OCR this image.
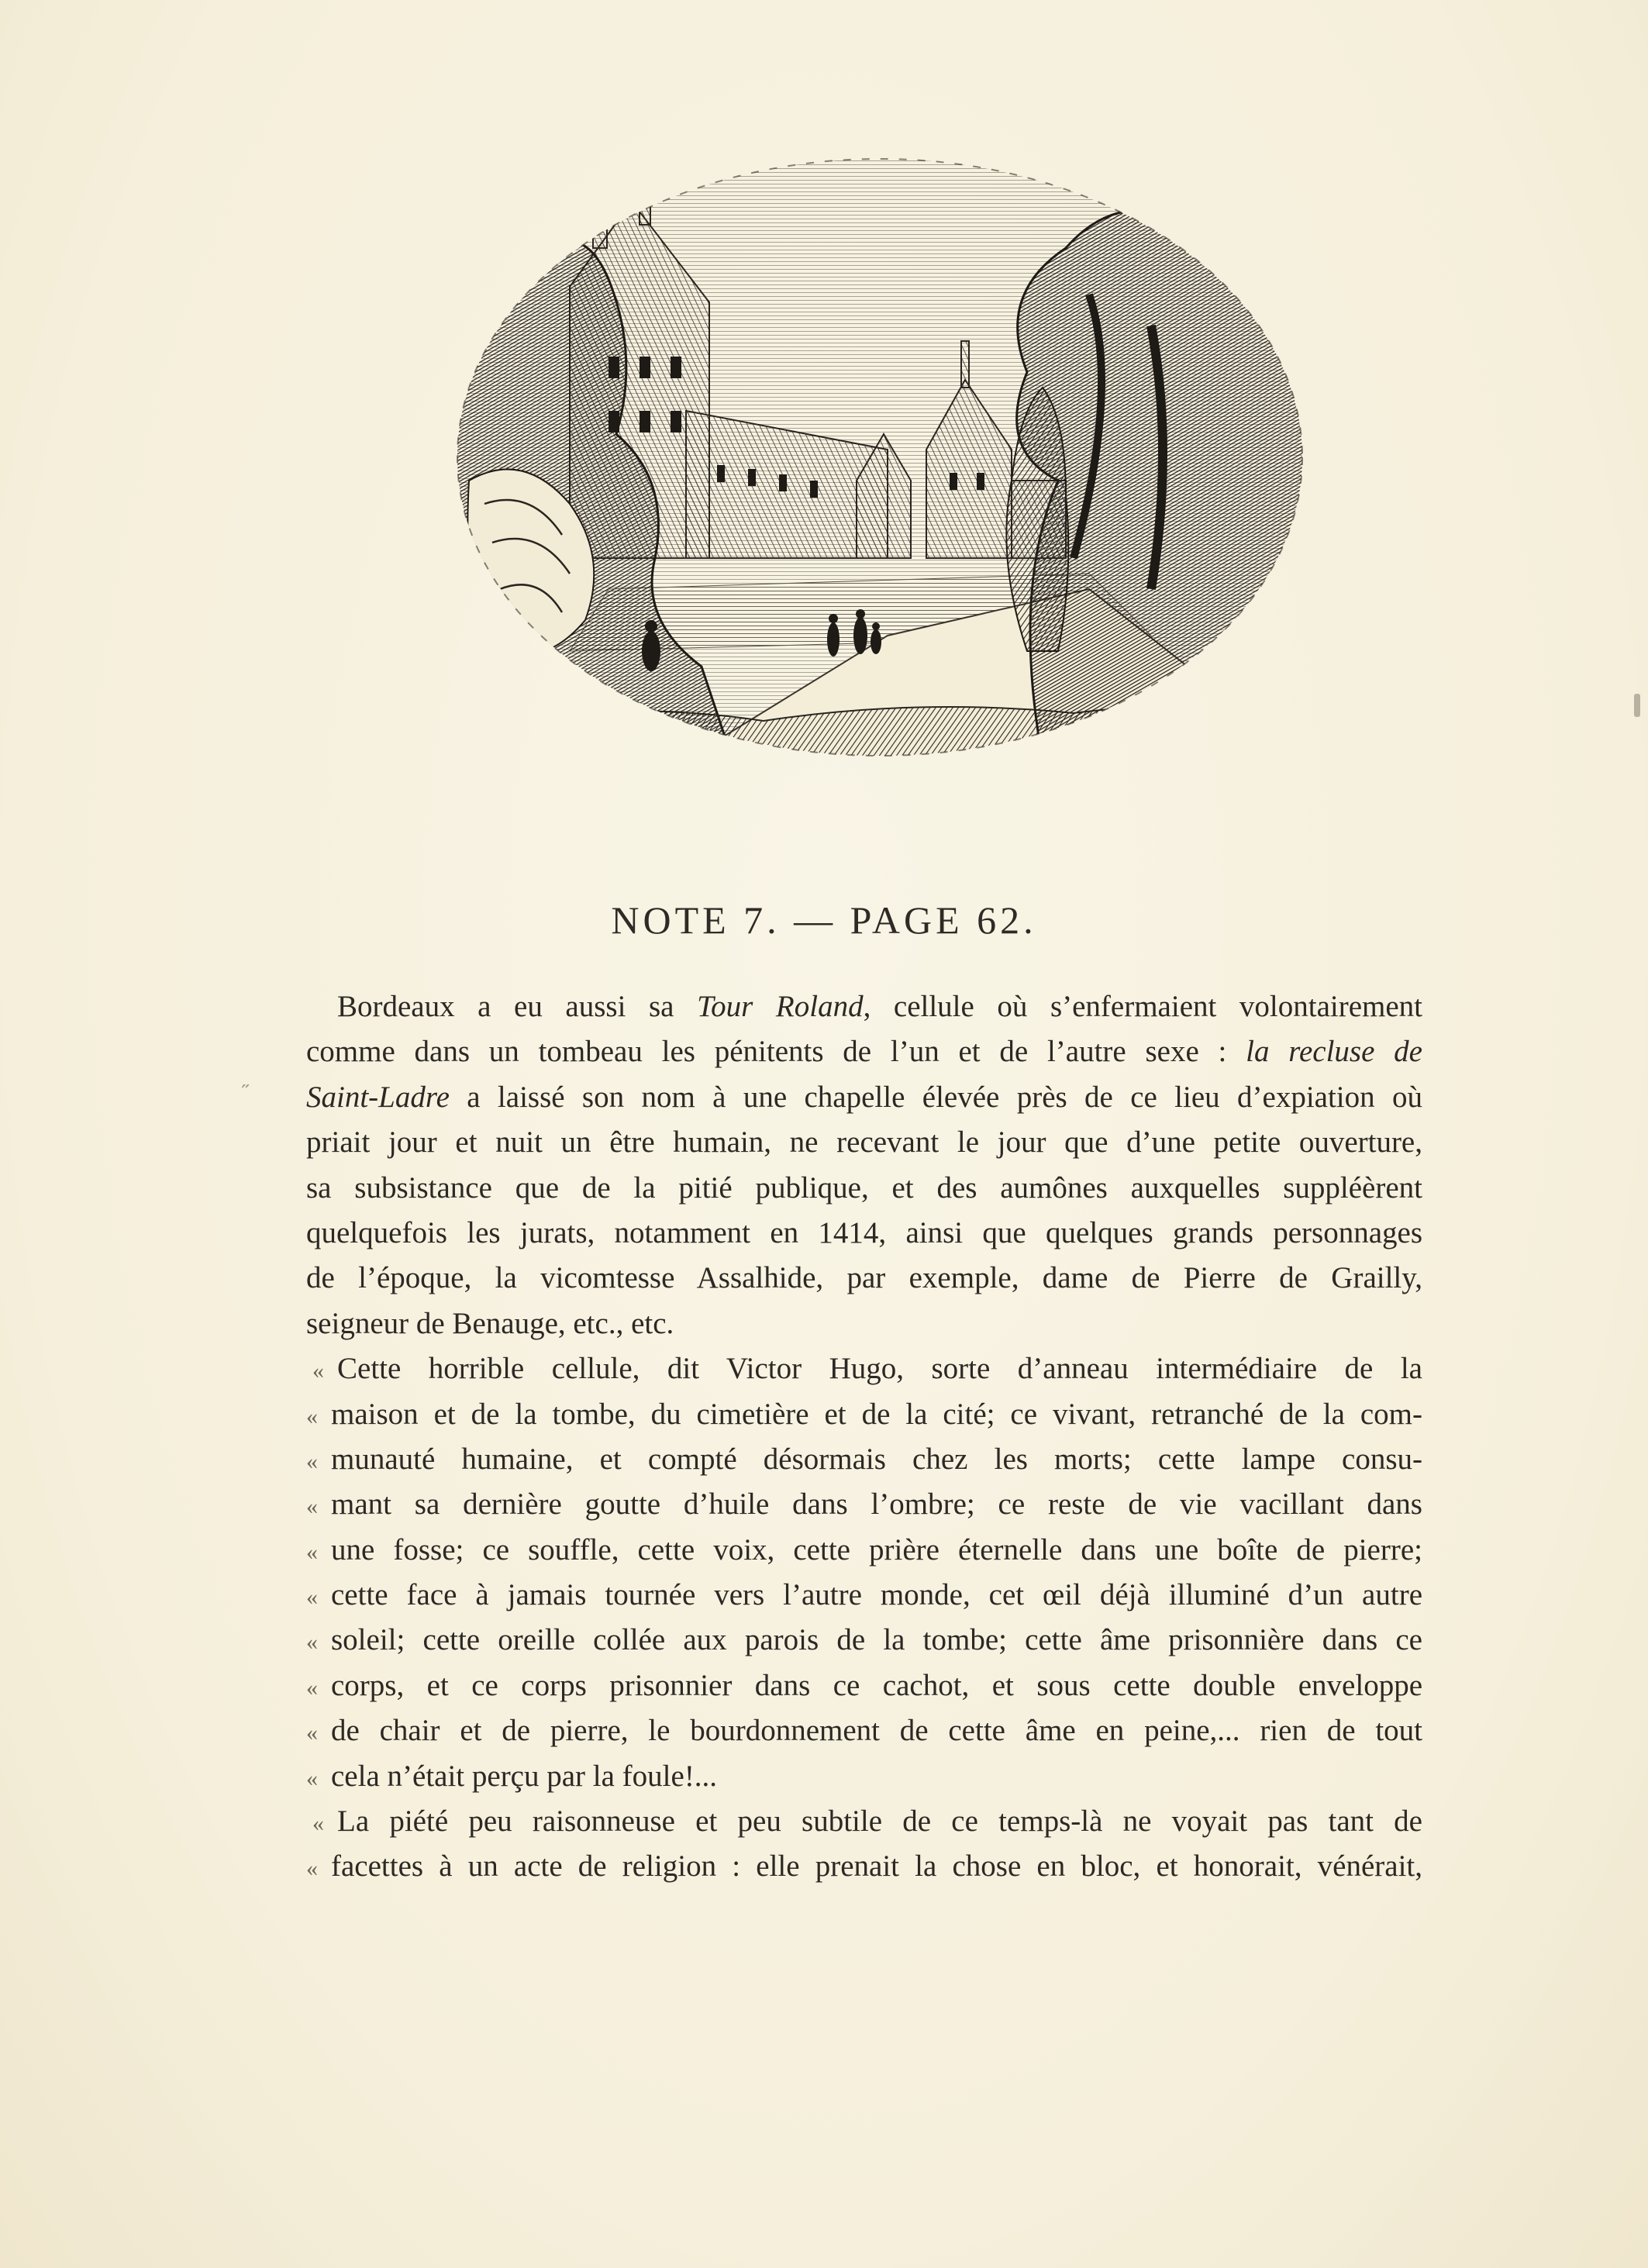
NOTE 7. — PAGE 62.
˝
Bordeaux a eu aussi sa Tour Roland, cellule où s’enfermaient volontairement
comme dans un tombeau les pénitents de l’un et de l’autre sexe : la recluse de
Saint-Ladre a laissé son nom à une chapelle élevée près de ce lieu d’expiation où
priait jour et nuit un être humain, ne recevant le jour que d’une petite ouverture,
sa subsistance que de la pitié publique, et des aumônes auxquelles suppléèrent
quelquefois les jurats, notamment en 1414, ainsi que quelques grands personnages
de l’époque, la vicomtesse Assalhide, par exemple, dame de Pierre de Grailly,
seigneur de Benauge, etc., etc.
« Cette horrible cellule, dit Victor Hugo, sorte d’anneau intermédiaire de la
« maison et de la tombe, du cimetière et de la cité; ce vivant, retranché de la com-
« munauté humaine, et compté désormais chez les morts; cette lampe consu-
« mant sa dernière goutte d’huile dans l’ombre; ce reste de vie vacillant dans
« une fosse; ce souffle, cette voix, cette prière éternelle dans une boîte de pierre;
« cette face à jamais tournée vers l’autre monde, cet œil déjà illuminé d’un autre
« soleil; cette oreille collée aux parois de la tombe; cette âme prisonnière dans ce
« corps, et ce corps prisonnier dans ce cachot, et sous cette double enveloppe
« de chair et de pierre, le bourdonnement de cette âme en peine,... rien de tout
« cela n’était perçu par la foule!...
« La piété peu raisonneuse et peu subtile de ce temps-là ne voyait pas tant de
« facettes à un acte de religion : elle prenait la chose en bloc, et honorait, vénérait,
